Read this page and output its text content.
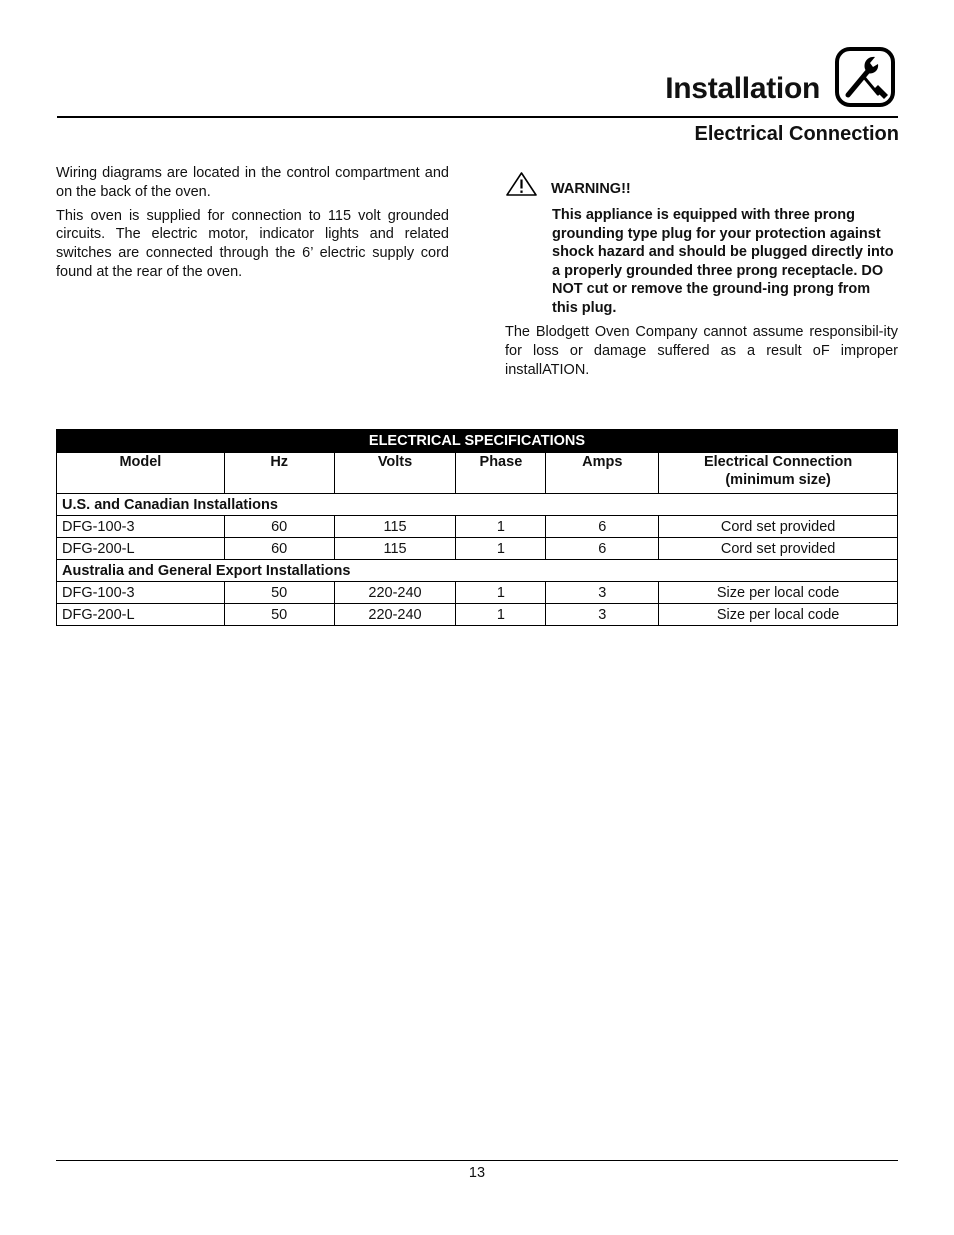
Installation
Electrical Connection

Wiring diagrams are located in the control compartment and on the back of the oven.

This oven is supplied for connection to 115 volt grounded circuits. The electric motor, indicator lights and related switches are connected through the 6’ electric supply cord found at the rear of the oven.

WARNING!!

This appliance is equipped with three prong grounding type plug for your protection against shock hazard and should be plugged directly into a properly grounded three prong receptacle. DO NOT cut or remove the ground-ing prong from this plug.

The Blodgett Oven Company cannot assume responsibil-ity for loss or damage suffered as a result oF improper installATION.

ELECTRICAL SPECIFICATIONS					
Model	Hz	Volts	Phase	Amps	Electrical Connection
(minimum size)

U.S. and Canadian Installations					
DFG-100-3	60	115	1	6	Cord set provided
DFG-200-L	60	115	1	6	Cord set provided
Australia and General Export Installations					
DFG-100-3	50	220-240	1	3	Size per local code
DFG-200-L	50	220-240	1	3	Size per local code
13
